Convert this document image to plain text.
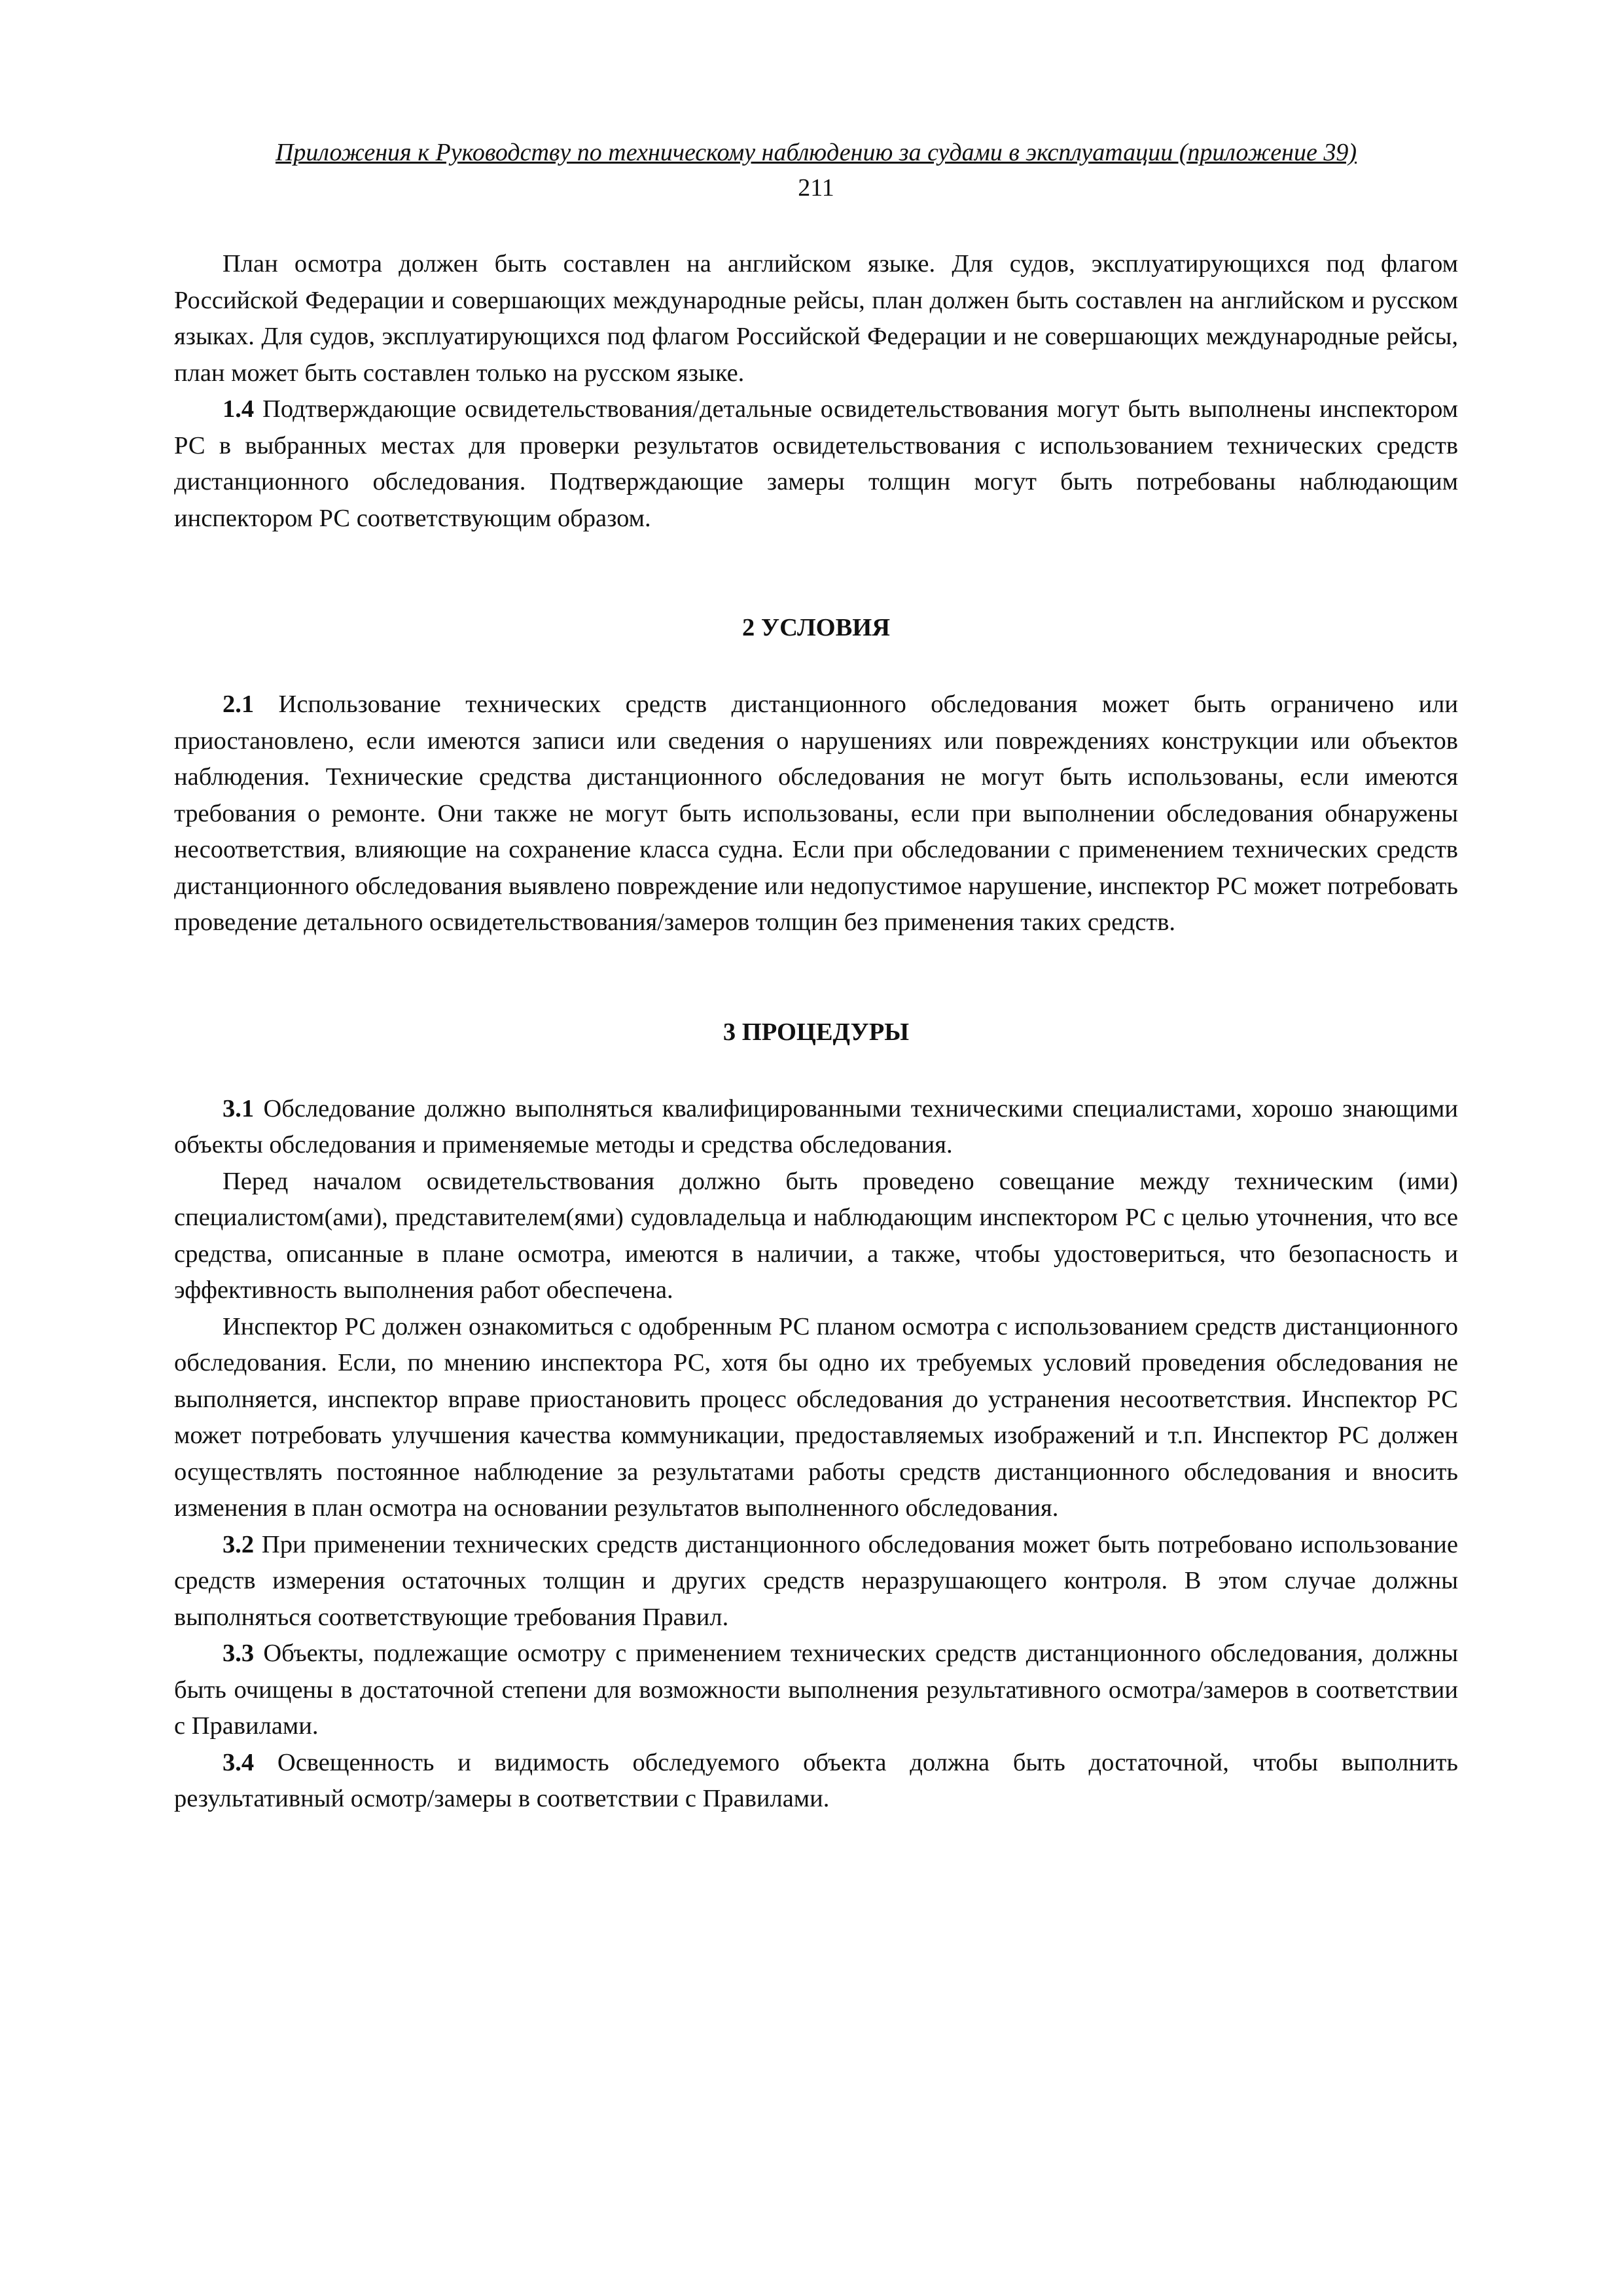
Приложения к Руководству по техническому наблюдению за судами в эксплуатации (приложение 39)

211

План осмотра должен быть составлен на английском языке. Для судов, эксплуатирующихся под флагом Российской Федерации и совершающих международные рейсы, план должен быть составлен на английском и русском языках. Для судов, эксплуатирующихся под флагом Российской Федерации и не совершающих международные рейсы, план может быть составлен только на русском языке.

1.4 Подтверждающие освидетельствования/детальные освидетельствования могут быть выполнены инспектором РС в выбранных местах для проверки результатов освидетельствования с использованием технических средств дистанционного обследования. Подтверждающие замеры толщин могут быть потребованы наблюдающим инспектором РС соответствующим образом.

2 УСЛОВИЯ

2.1 Использование технических средств дистанционного обследования может быть ограничено или приостановлено, если имеются записи или сведения о нарушениях или повреждениях конструкции или объектов наблюдения. Технические средства дистанционного обследования не могут быть использованы, если имеются требования о ремонте. Они также не могут быть использованы, если при выполнении обследования обнаружены несоответствия, влияющие на сохранение класса судна. Если при обследовании с применением технических средств дистанционного обследования выявлено повреждение или недопустимое нарушение, инспектор РС может потребовать проведение детального освидетельствования/замеров толщин без применения таких средств.

3 ПРОЦЕДУРЫ

3.1 Обследование должно выполняться квалифицированными техническими специалистами, хорошо знающими объекты обследования и применяемые методы и средства обследования.

Перед началом освидетельствования должно быть проведено совещание между техническим (ими) специалистом(ами), представителем(ями) судовладельца и наблюдающим инспектором РС с целью уточнения, что все средства, описанные в плане осмотра, имеются в наличии, а также, чтобы удостовериться, что безопасность и эффективность выполнения работ обеспечена.

Инспектор РС должен ознакомиться с одобренным РС планом осмотра с использованием средств дистанционного обследования. Если, по мнению инспектора РС, хотя бы одно их требуемых условий проведения обследования не выполняется, инспектор вправе приостановить процесс обследования до устранения несоответствия. Инспектор РС может потребовать улучшения качества коммуникации, предоставляемых изображений и т.п. Инспектор РС должен осуществлять постоянное наблюдение за результатами работы средств дистанционного обследования и вносить изменения в план осмотра на основании результатов выполненного обследования.

3.2 При применении технических средств дистанционного обследования может быть потребовано использование средств измерения остаточных толщин и других средств неразрушающего контроля. В этом случае должны выполняться соответствующие требования Правил.

3.3 Объекты, подлежащие осмотру с применением технических средств дистанционного обследования, должны быть очищены в достаточной степени для возможности выполнения результативного осмотра/замеров в соответствии с Правилами.

3.4 Освещенность и видимость обследуемого объекта должна быть достаточной, чтобы выполнить результативный осмотр/замеры в соответствии с Правилами.
